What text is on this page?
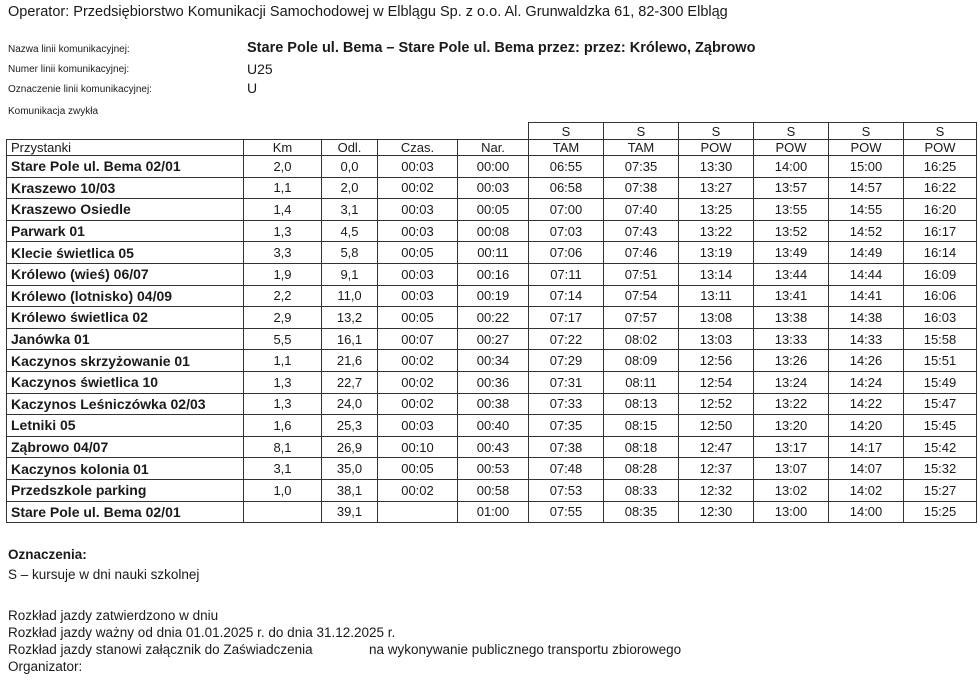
Operator: Przedsiębiorstwo Komunikacji Samochodowej w Elblągu Sp. z o.o. Al. Grunwaldzka 61, 82-300 Elbląg
Nazwa linii komunikacyjnej:	Stare Pole ul. Bema – Stare Pole ul. Bema przez: przez: Królewo, Ząbrowo
Numer linii komunikacyjnej:	U25
Oznaczenie linii komunikacyjnej:	U
Komunikacja zwykła
					S	S	S	S	S	S
Przystanki	Km	Odl.	Czas.	Nar.	TAM	TAM	POW	POW	POW	POW
Stare Pole ul. Bema 02/01	2,0	0,0	00:03	00:00	06:55	07:35	13:30	14:00	15:00	16:25
Kraszewo 10/03	1,1	2,0	00:02	00:03	06:58	07:38	13:27	13:57	14:57	16:22
Kraszewo Osiedle	1,4	3,1	00:03	00:05	07:00	07:40	13:25	13:55	14:55	16:20
Parwark 01	1,3	4,5	00:03	00:08	07:03	07:43	13:22	13:52	14:52	16:17
Klecie świetlica 05	3,3	5,8	00:05	00:11	07:06	07:46	13:19	13:49	14:49	16:14
Królewo (wieś) 06/07	1,9	9,1	00:03	00:16	07:11	07:51	13:14	13:44	14:44	16:09
Królewo (lotnisko) 04/09	2,2	11,0	00:03	00:19	07:14	07:54	13:11	13:41	14:41	16:06
Królewo świetlica 02	2,9	13,2	00:05	00:22	07:17	07:57	13:08	13:38	14:38	16:03
Janówka 01	5,5	16,1	00:07	00:27	07:22	08:02	13:03	13:33	14:33	15:58
Kaczynos skrzyżowanie 01	1,1	21,6	00:02	00:34	07:29	08:09	12:56	13:26	14:26	15:51
Kaczynos świetlica 10	1,3	22,7	00:02	00:36	07:31	08:11	12:54	13:24	14:24	15:49
Kaczynos Leśniczówka 02/03	1,3	24,0	00:02	00:38	07:33	08:13	12:52	13:22	14:22	15:47
Letniki 05	1,6	25,3	00:03	00:40	07:35	08:15	12:50	13:20	14:20	15:45
Ząbrowo 04/07	8,1	26,9	00:10	00:43	07:38	08:18	12:47	13:17	14:17	15:42
Kaczynos kolonia 01	3,1	35,0	00:05	00:53	07:48	08:28	12:37	13:07	14:07	15:32
Przedszkole parking	1,0	38,1	00:02	00:58	07:53	08:33	12:32	13:02	14:02	15:27
Stare Pole ul. Bema 02/01		39,1		01:00	07:55	08:35	12:30	13:00	14:00	15:25
Oznaczenia:
S – kursuje w dni nauki szkolnej
Rozkład jazdy zatwierdzono w dniu
Rozkład jazdy ważny od dnia 01.01.2025 r. do dnia 31.12.2025 r.
Rozkład jazdy stanowi załącznik do Zaświadczenia	na wykonywanie publicznego transportu zbiorowego
Organizator:
